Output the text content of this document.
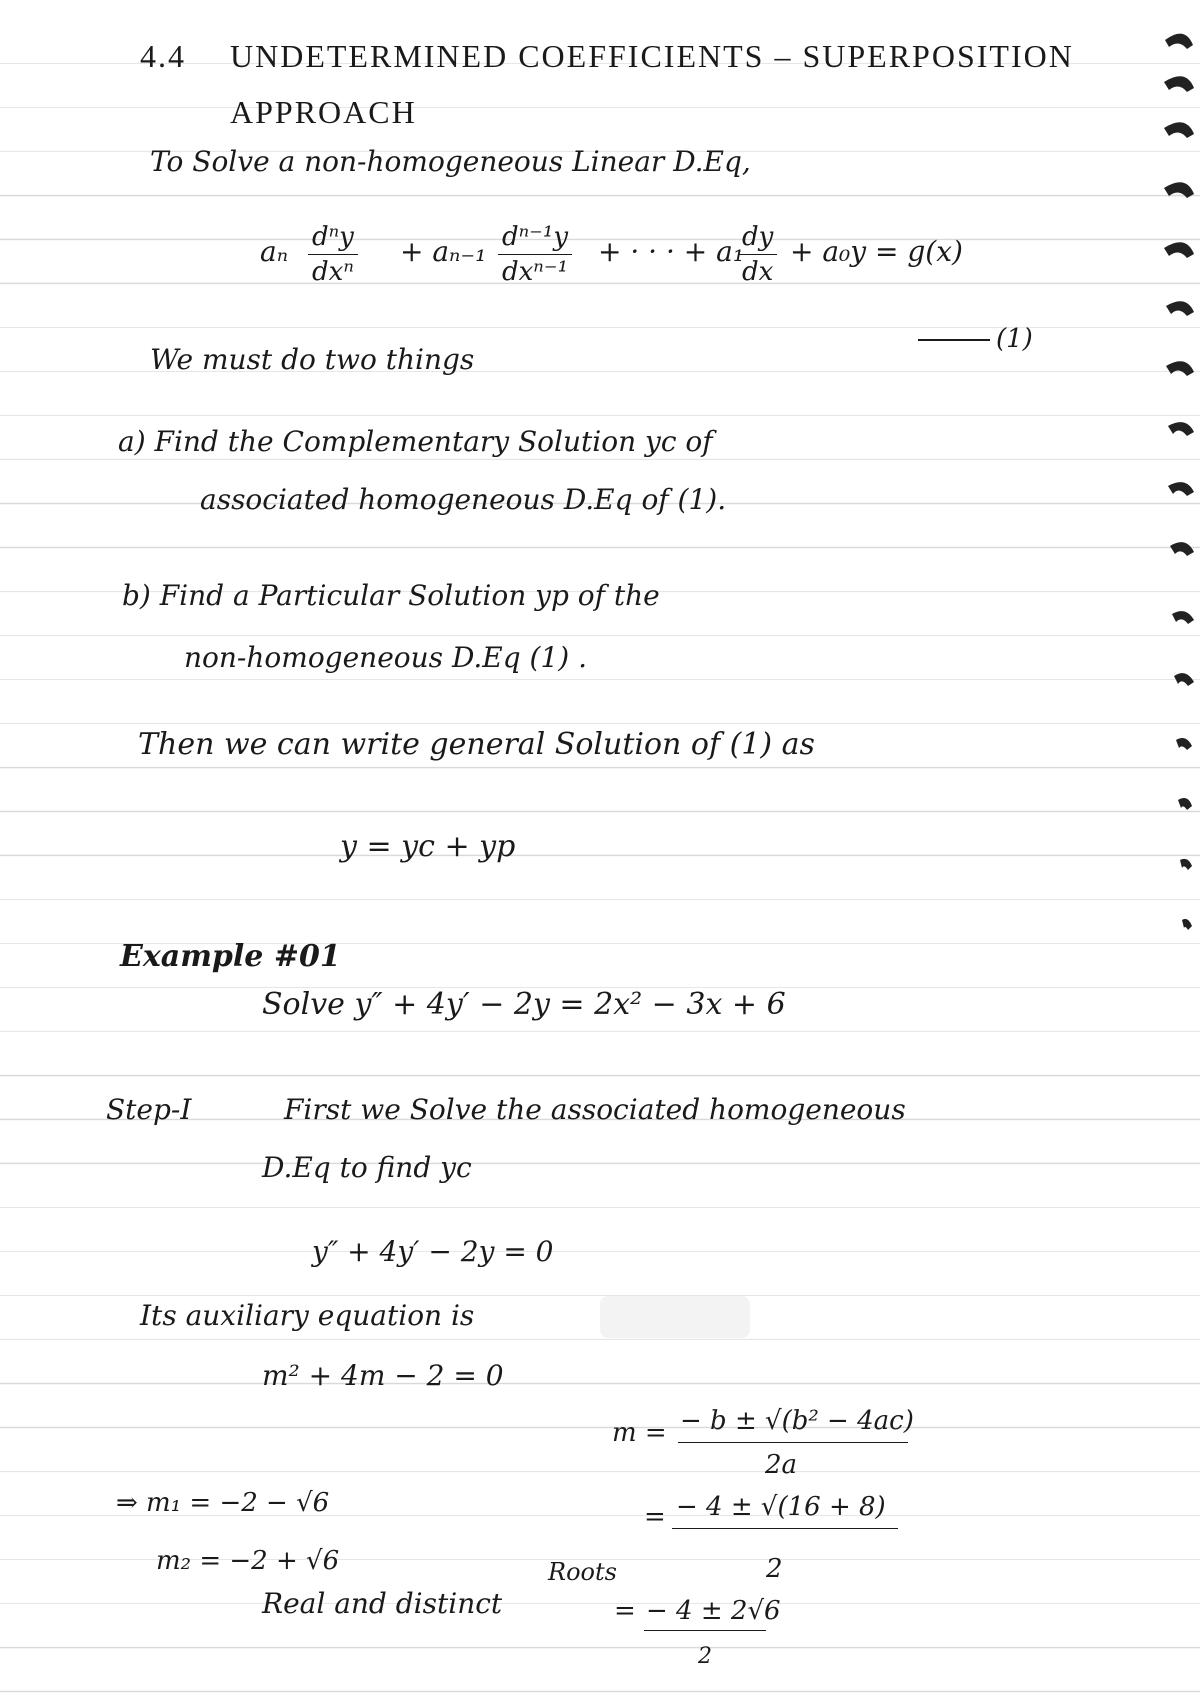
4.4 UNDETERMINED COEFFICIENTS – SUPERPOSITION
APPROACH
To Solve a non-homogeneous Linear D.Eq,
aₙ dⁿy
dxⁿ
+ aₙ₋₁ dⁿ⁻¹y
dxⁿ⁻¹
+ · · · + a₁
$\frac{dy}{dx} + a_0y = g(x)$
(1)
We must do two things
a) Find the Complementary Solution yc of
associated homogeneous D.Eq of (1).
b) Find a Particular Solution yp of the
non-homogeneous D.Eq (1) .
Then we can write general Solution of (1) as
y = yc + yp
Example #01
Solve y″ + 4y′ − 2y = 2x² − 3x + 6
Step-I	First we Solve the associated homogeneous
D.Eq to find yc
y″ + 4y′ − 2y = 0
Its auxiliary equation is
m² + 4m − 2 = 0
m = − b ± √(b² − 4ac)
2a
= − 4 ± √(16 + 8)
2
= − 4 ± 2√6
2
⇒ m₁ = −2 − √6
m₂ = −2 + √6
Real and distinct
Roots
